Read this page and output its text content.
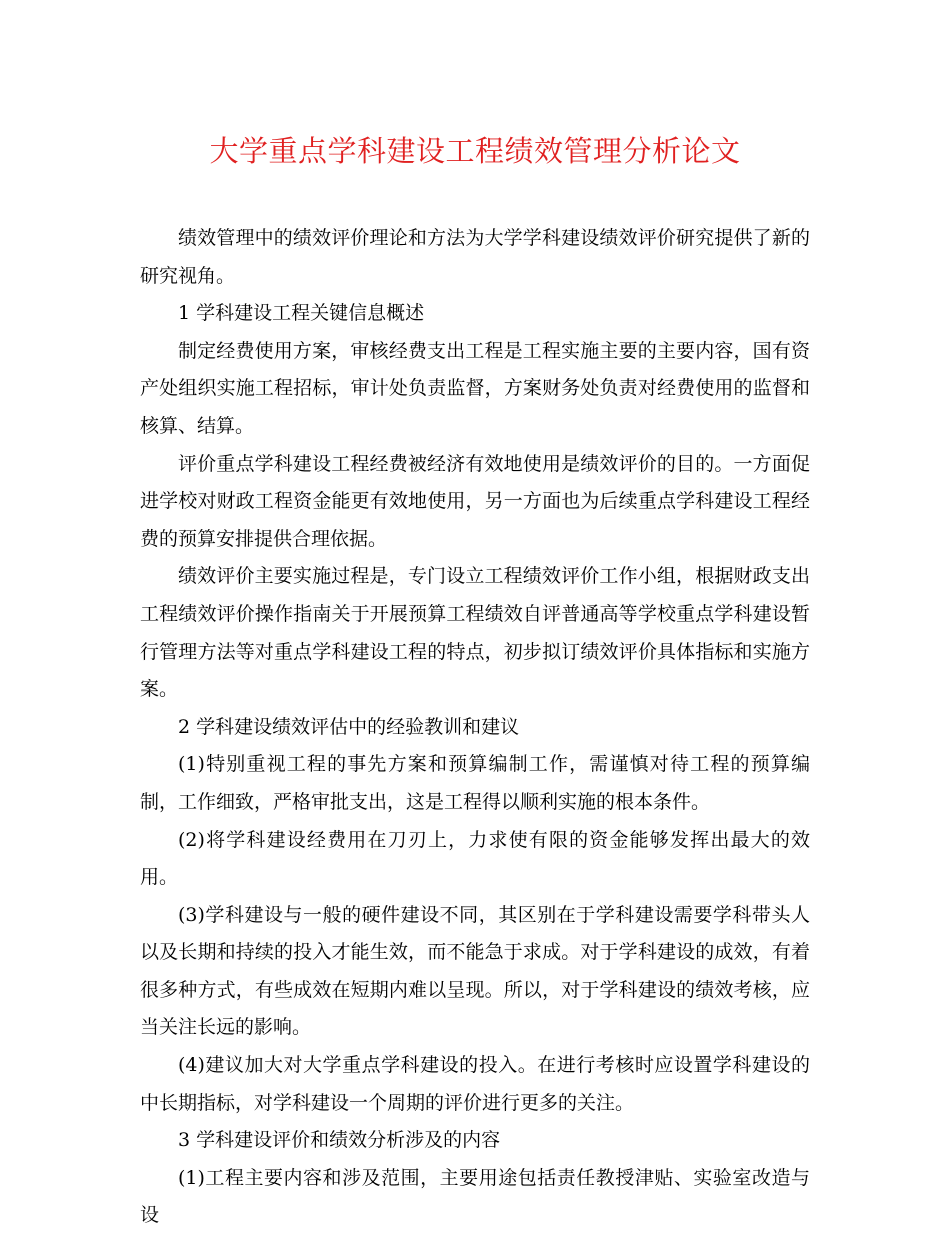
大学重点学科建设工程绩效管理分析论文

绩效管理中的绩效评价理论和方法为大学学科建设绩效评价研究提供了新的研究视角。

1 学科建设工程关键信息概述

制定经费使用方案，审核经费支出工程是工程实施主要的主要内容，国有资产处组织实施工程招标，审计处负责监督，方案财务处负责对经费使用的监督和核算、结算。

评价重点学科建设工程经费被经济有效地使用是绩效评价的目的。一方面促进学校对财政工程资金能更有效地使用，另一方面也为后续重点学科建设工程经费的预算安排提供合理依据。

绩效评价主要实施过程是，专门设立工程绩效评价工作小组，根据财政支出工程绩效评价操作指南关于开展预算工程绩效自评普通高等学校重点学科建设暂行管理方法等对重点学科建设工程的特点，初步拟订绩效评价具体指标和实施方案。

2 学科建设绩效评估中的经验教训和建议

(1)特别重视工程的事先方案和预算编制工作，需谨慎对待工程的预算编制，工作细致，严格审批支出，这是工程得以顺利实施的根本条件。

(2)将学科建设经费用在刀刃上，力求使有限的资金能够发挥出最大的效用。

(3)学科建设与一般的硬件建设不同，其区别在于学科建设需要学科带头人以及长期和持续的投入才能生效，而不能急于求成。对于学科建设的成效，有着很多种方式，有些成效在短期内难以呈现。所以，对于学科建设的绩效考核，应当关注长远的影响。

(4)建议加大对大学重点学科建设的投入。在进行考核时应设置学科建设的中长期指标，对学科建设一个周期的评价进行更多的关注。

3 学科建设评价和绩效分析涉及的内容

(1)工程主要内容和涉及范围，主要用途包括责任教授津贴、实验室改造与设
